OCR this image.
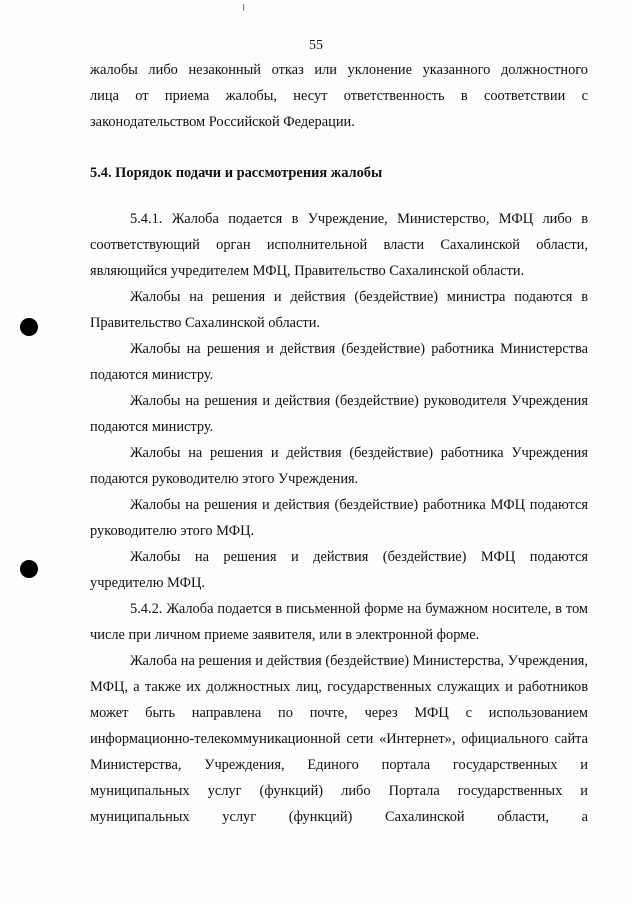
55

жалобы либо незаконный отказ или уклонение указанного должностного

лица от приема жалобы, несут ответственность в соответствии с

законодательством Российской Федерации.

5.4. Порядок подачи и рассмотрения жалобы

5.4.1. Жалоба подается в Учреждение, Министерство, МФЦ либо в соответствующий орган исполнительной власти Сахалинской области, являющийся учредителем МФЦ, Правительство Сахалинской области.

Жалобы на решения и действия (бездействие) министра подаются в Правительство Сахалинской области.

Жалобы на решения и действия (бездействие) работника Министерства подаются министру.

Жалобы на решения и действия (бездействие) руководителя Учреждения подаются министру.

Жалобы на решения и действия (бездействие) работника Учреждения подаются руководителю этого Учреждения.

Жалобы на решения и действия (бездействие) работника МФЦ подаются руководителю этого МФЦ.

Жалобы на решения и действия (бездействие) МФЦ подаются учредителю МФЦ.

5.4.2. Жалоба подается в письменной форме на бумажном носителе, в том числе при личном приеме заявителя, или в электронной форме.

Жалоба на решения и действия (бездействие) Министерства, Учреждения, МФЦ, а также их должностных лиц, государственных служащих и работников может быть направлена по почте, через МФЦ с использованием информационно-телекоммуникационной сети «Интернет», официального сайта Министерства, Учреждения, Единого портала государственных и муниципальных услуг (функций) либо Портала государственных и муниципальных услуг (функций) Сахалинской области, а
